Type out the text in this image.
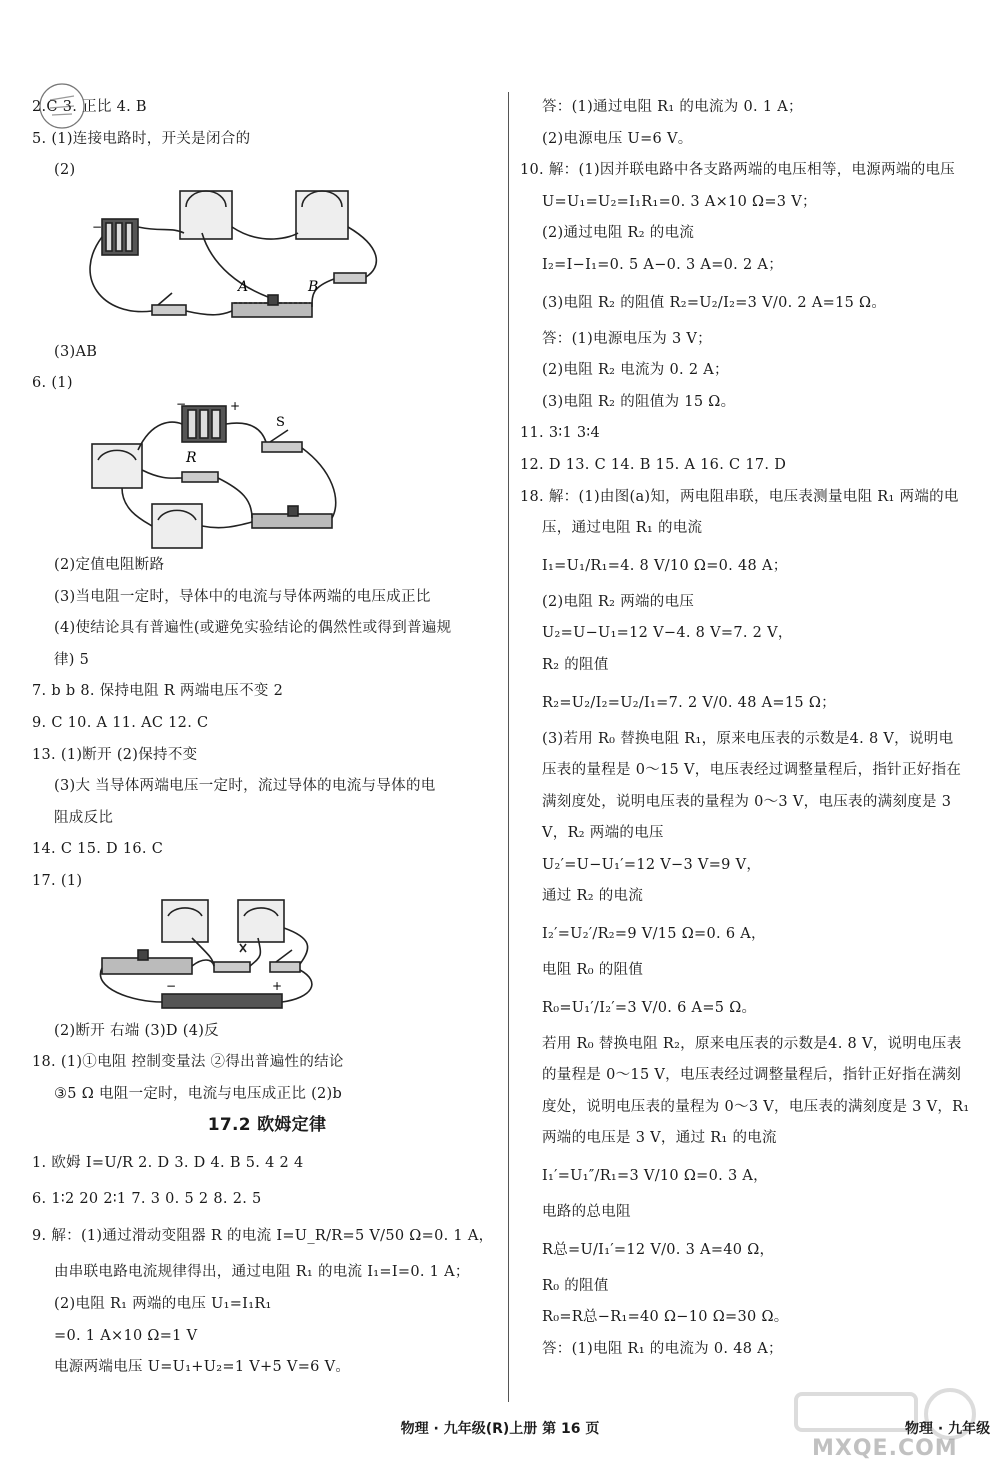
2.C 3. 正比 4. B
5. (1)连接电路时，开关是闭合的
(2)
A	B
−
(3)AB
6. (1)
R
S
−	+
(2)定值电阻断路
(3)当电阻一定时，导体中的电流与导体两端的电压成正比
(4)使结论具有普遍性(或避免实验结论的偶然性或得到普遍规
律) 5
7. b b 8. 保持电阻 R 两端电压不变 2
9. C 10. A 11. AC 12. C
13. (1)断开 (2)保持不变
(3)大 当导体两端电压一定时，流过导体的电流与导体的电
阻成反比
14. C 15. D 16. C
17. (1)
−	+
(2)断开 右端 (3)D (4)反
18. (1)①电阻 控制变量法 ②得出普遍性的结论
③5 Ω 电阻一定时，电流与电压成正比 (2)b
17.2 欧姆定律
1. 欧姆 I=U/R 2. D 3. D 4. B 5. 4 2 4
6. 1∶2 20 2∶1 7. 3 0. 5 2 8. 2. 5
9. 解：(1)通过滑动变阻器 R 的电流 I=U_R/R=5 V/50 Ω=0. 1 A，
由串联电路电流规律得出，通过电阻 R₁ 的电流 I₁=I=0. 1 A；
(2)电阻 R₁ 两端的电压 U₁=I₁R₁
=0. 1 A×10 Ω=1 V
电源两端电压 U=U₁+U₂=1 V+5 V=6 V。
答：(1)通过电阻 R₁ 的电流为 0. 1 A；
(2)电源电压 U=6 V。
10. 解：(1)因并联电路中各支路两端的电压相等，电源两端的电压
U=U₁=U₂=I₁R₁=0. 3 A×10 Ω=3 V；
(2)通过电阻 R₂ 的电流
I₂=I−I₁=0. 5 A−0. 3 A=0. 2 A；
(3)电阻 R₂ 的阻值 R₂=U₂/I₂=3 V/0. 2 A=15 Ω。
答：(1)电源电压为 3 V；
(2)电阻 R₂ 电流为 0. 2 A；
(3)电阻 R₂ 的阻值为 15 Ω。
11. 3∶1 3∶4
12. D 13. C 14. B 15. A 16. C 17. D
18. 解：(1)由图(a)知，两电阻串联，电压表测量电阻 R₁ 两端的电
压，通过电阻 R₁ 的电流
I₁=U₁/R₁=4. 8 V/10 Ω=0. 48 A；
(2)电阻 R₂ 两端的电压
U₂=U−U₁=12 V−4. 8 V=7. 2 V，
R₂ 的阻值
R₂=U₂/I₂=U₂/I₁=7. 2 V/0. 48 A=15 Ω；
(3)若用 R₀ 替换电阻 R₁，原来电压表的示数是4. 8 V，说明电
压表的量程是 0～15 V，电压表经过调整量程后，指针正好指在
满刻度处，说明电压表的量程为 0～3 V，电压表的满刻度是 3
V，R₂ 两端的电压
U₂′=U−U₁′=12 V−3 V=9 V，
通过 R₂ 的电流
I₂′=U₂′/R₂=9 V/15 Ω=0. 6 A，
电阻 R₀ 的阻值
R₀=U₁′/I₂′=3 V/0. 6 A=5 Ω。
若用 R₀ 替换电阻 R₂，原来电压表的示数是4. 8 V，说明电压表
的量程是 0～15 V，电压表经过调整量程后，指针正好指在满刻
度处，说明电压表的量程为 0～3 V，电压表的满刻度是 3 V，R₁
两端的电压是 3 V，通过 R₁ 的电流
I₁′=U₁″/R₁=3 V/10 Ω=0. 3 A，
电路的总电阻
R总=U/I₁′=12 V/0. 3 A=40 Ω，
R₀ 的阻值
R₀=R总−R₁=40 Ω−10 Ω=30 Ω。
答：(1)电阻 R₁ 的电流为 0. 48 A；
物理 · 九年级(R)上册 第 16 页	物理 · 九年级
MXQE.COM
